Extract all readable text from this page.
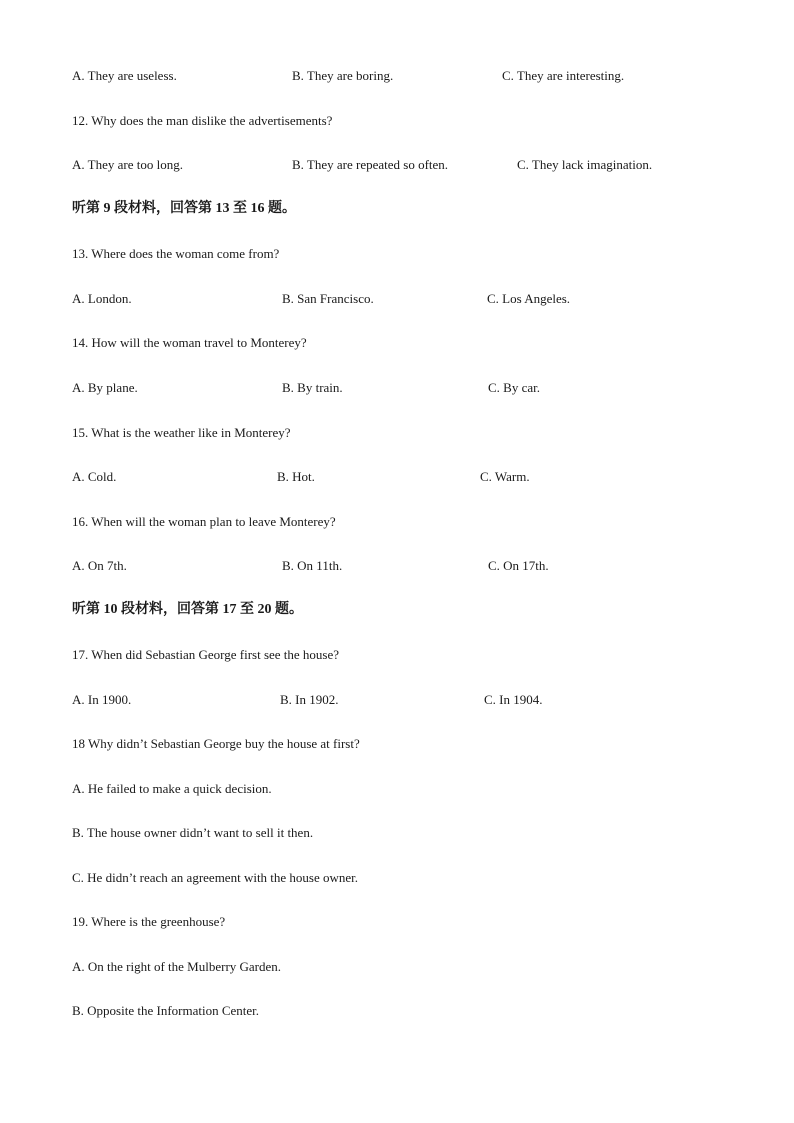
A. They are useless.	B. They are boring.	C. They are interesting.
12. Why does the man dislike the advertisements?
A. They are too long.	B. They are repeated so often.	C. They lack imagination.
听第 9 段材料，回答第 13 至 16 题。
13. Where does the woman come from?
A. London.	B. San Francisco.	C. Los Angeles.
14. How will the woman travel to Monterey?
A. By plane.	B. By train.	C. By car.
15. What is the weather like in Monterey?
A. Cold.	B. Hot.	C. Warm.
16. When will the woman plan to leave Monterey?
A. On 7th.	B. On 11th.	C. On 17th.
听第 10 段材料，回答第 17 至 20 题。
17. When did Sebastian George first see the house?
A. In 1900.	B. In 1902.	C. In 1904.
18 Why didn’t Sebastian George buy the house at first?
A. He failed to make a quick decision.
B. The house owner didn’t want to sell it then.
C. He didn’t reach an agreement with the house owner.
19. Where is the greenhouse?
A. On the right of the Mulberry Garden.
B. Opposite the Information Center.
